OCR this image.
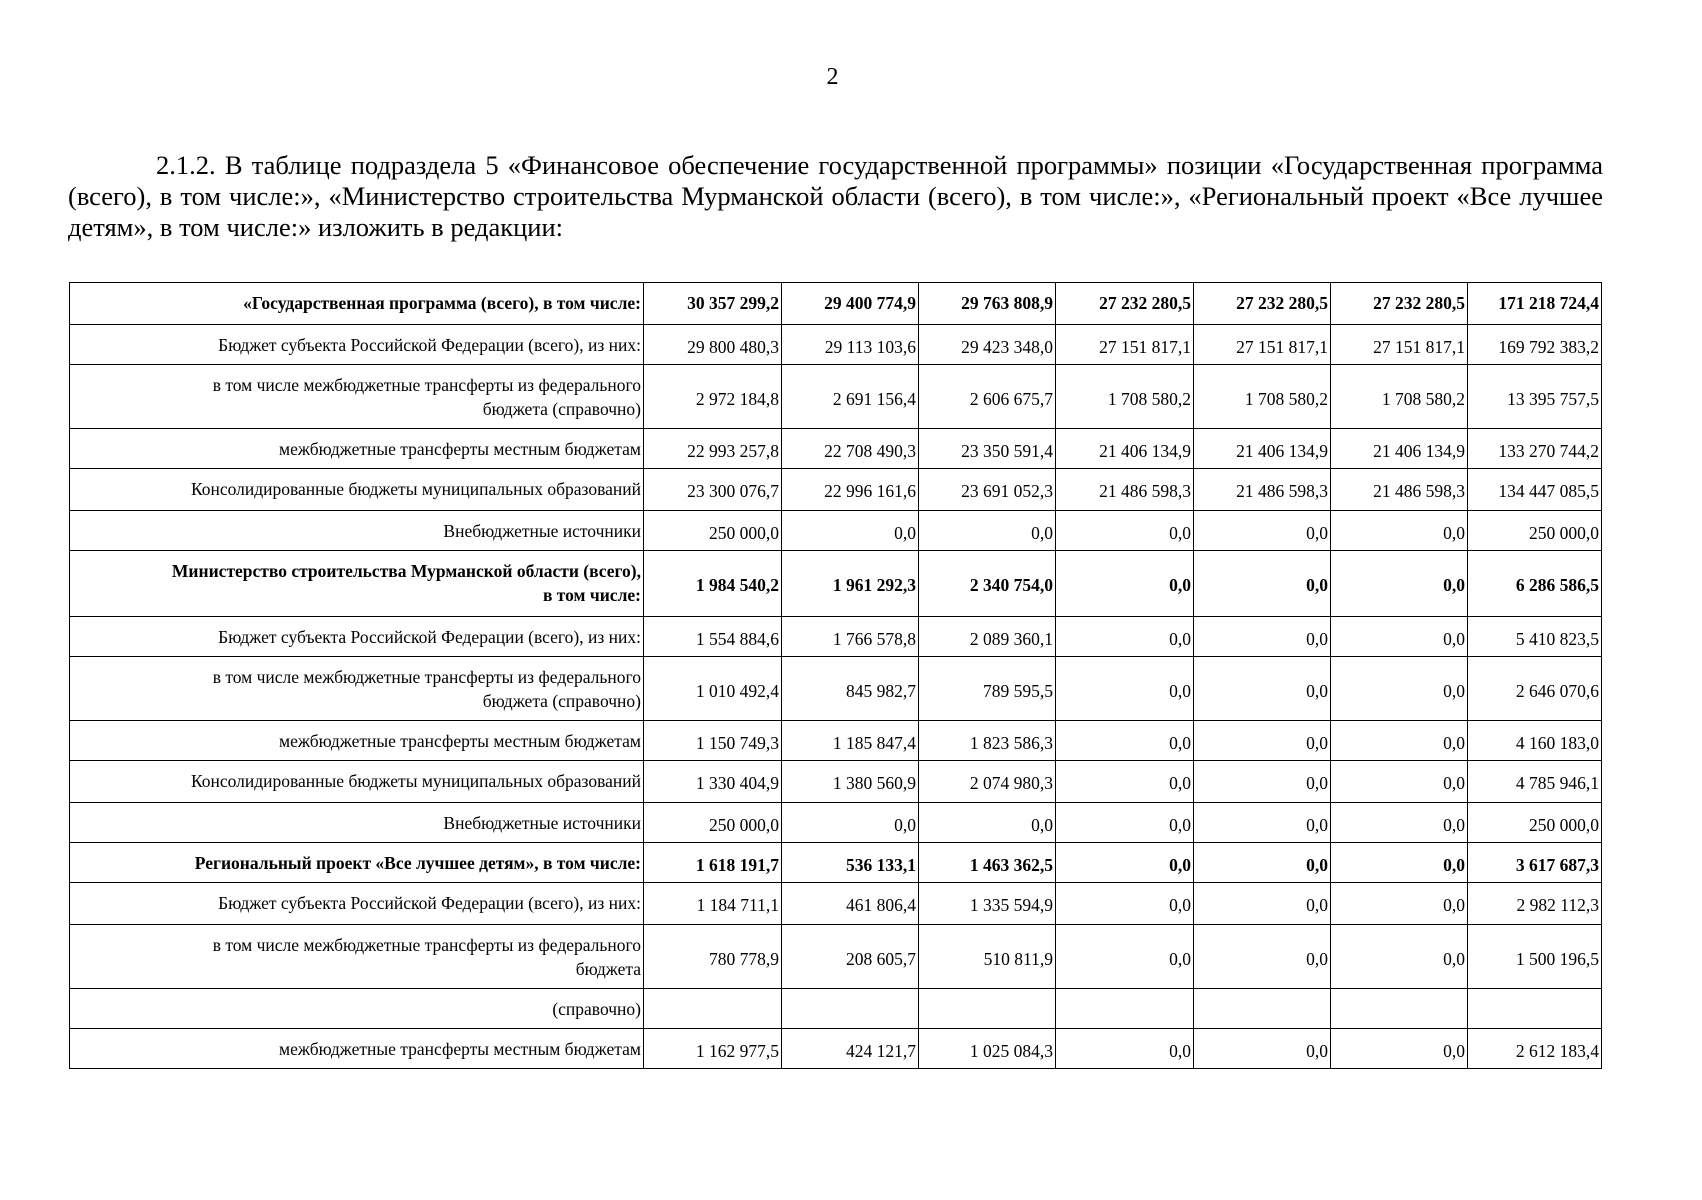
2

2.1.2. В таблице подраздела 5 «Финансовое обеспечение государственной программы» позиции «Государственная программа (всего), в том числе:», «Министерство строительства Мурманской области (всего), в том числе:», «Региональный проект «Все лучшее детям», в том числе:» изложить в редакции:

«Государственная программа (всего), в том числе:	30 357 299,2	29 400 774,9	29 763 808,9	27 232 280,5	27 232 280,5	27 232 280,5	171 218 724,4
Бюджет субъекта Российской Федерации (всего), из них:	29 800 480,3	29 113 103,6	29 423 348,0	27 151 817,1	27 151 817,1	27 151 817,1	169 792 383,2

в том числе межбюджетные трансферты из федерального
бюджета (справочно)	2 972 184,8	2 691 156,4	2 606 675,7	1 708 580,2	1 708 580,2	1 708 580,2	13 395 757,5
межбюджетные трансферты местным бюджетам	22 993 257,8	22 708 490,3	23 350 591,4	21 406 134,9	21 406 134,9	21 406 134,9	133 270 744,2
Консолидированные бюджеты муниципальных образований	23 300 076,7	22 996 161,6	23 691 052,3	21 486 598,3	21 486 598,3	21 486 598,3	134 447 085,5
Внебюджетные источники	250 000,0	0,0	0,0	0,0	0,0	0,0	250 000,0

Министерство строительства Мурманской области (всего),
в том числе:	1 984 540,2	1 961 292,3	2 340 754,0	0,0	0,0	0,0	6 286 586,5
Бюджет субъекта Российской Федерации (всего), из них:	1 554 884,6	1 766 578,8	2 089 360,1	0,0	0,0	0,0	5 410 823,5

в том числе межбюджетные трансферты из федерального
бюджета (справочно)	1 010 492,4	845 982,7	789 595,5	0,0	0,0	0,0	2 646 070,6
межбюджетные трансферты местным бюджетам	1 150 749,3	1 185 847,4	1 823 586,3	0,0	0,0	0,0	4 160 183,0
Консолидированные бюджеты муниципальных образований	1 330 404,9	1 380 560,9	2 074 980,3	0,0	0,0	0,0	4 785 946,1
Внебюджетные источники	250 000,0	0,0	0,0	0,0	0,0	0,0	250 000,0
Региональный проект «Все лучшее детям», в том числе:	1 618 191,7	536 133,1	1 463 362,5	0,0	0,0	0,0	3 617 687,3
Бюджет субъекта Российской Федерации (всего), из них:	1 184 711,1	461 806,4	1 335 594,9	0,0	0,0	0,0	2 982 112,3

в том числе межбюджетные трансферты из федерального
бюджета	780 778,9	208 605,7	510 811,9	0,0	0,0	0,0	1 500 196,5
(справочно)							
межбюджетные трансферты местным бюджетам	1 162 977,5	424 121,7	1 025 084,3	0,0	0,0	0,0	2 612 183,4
